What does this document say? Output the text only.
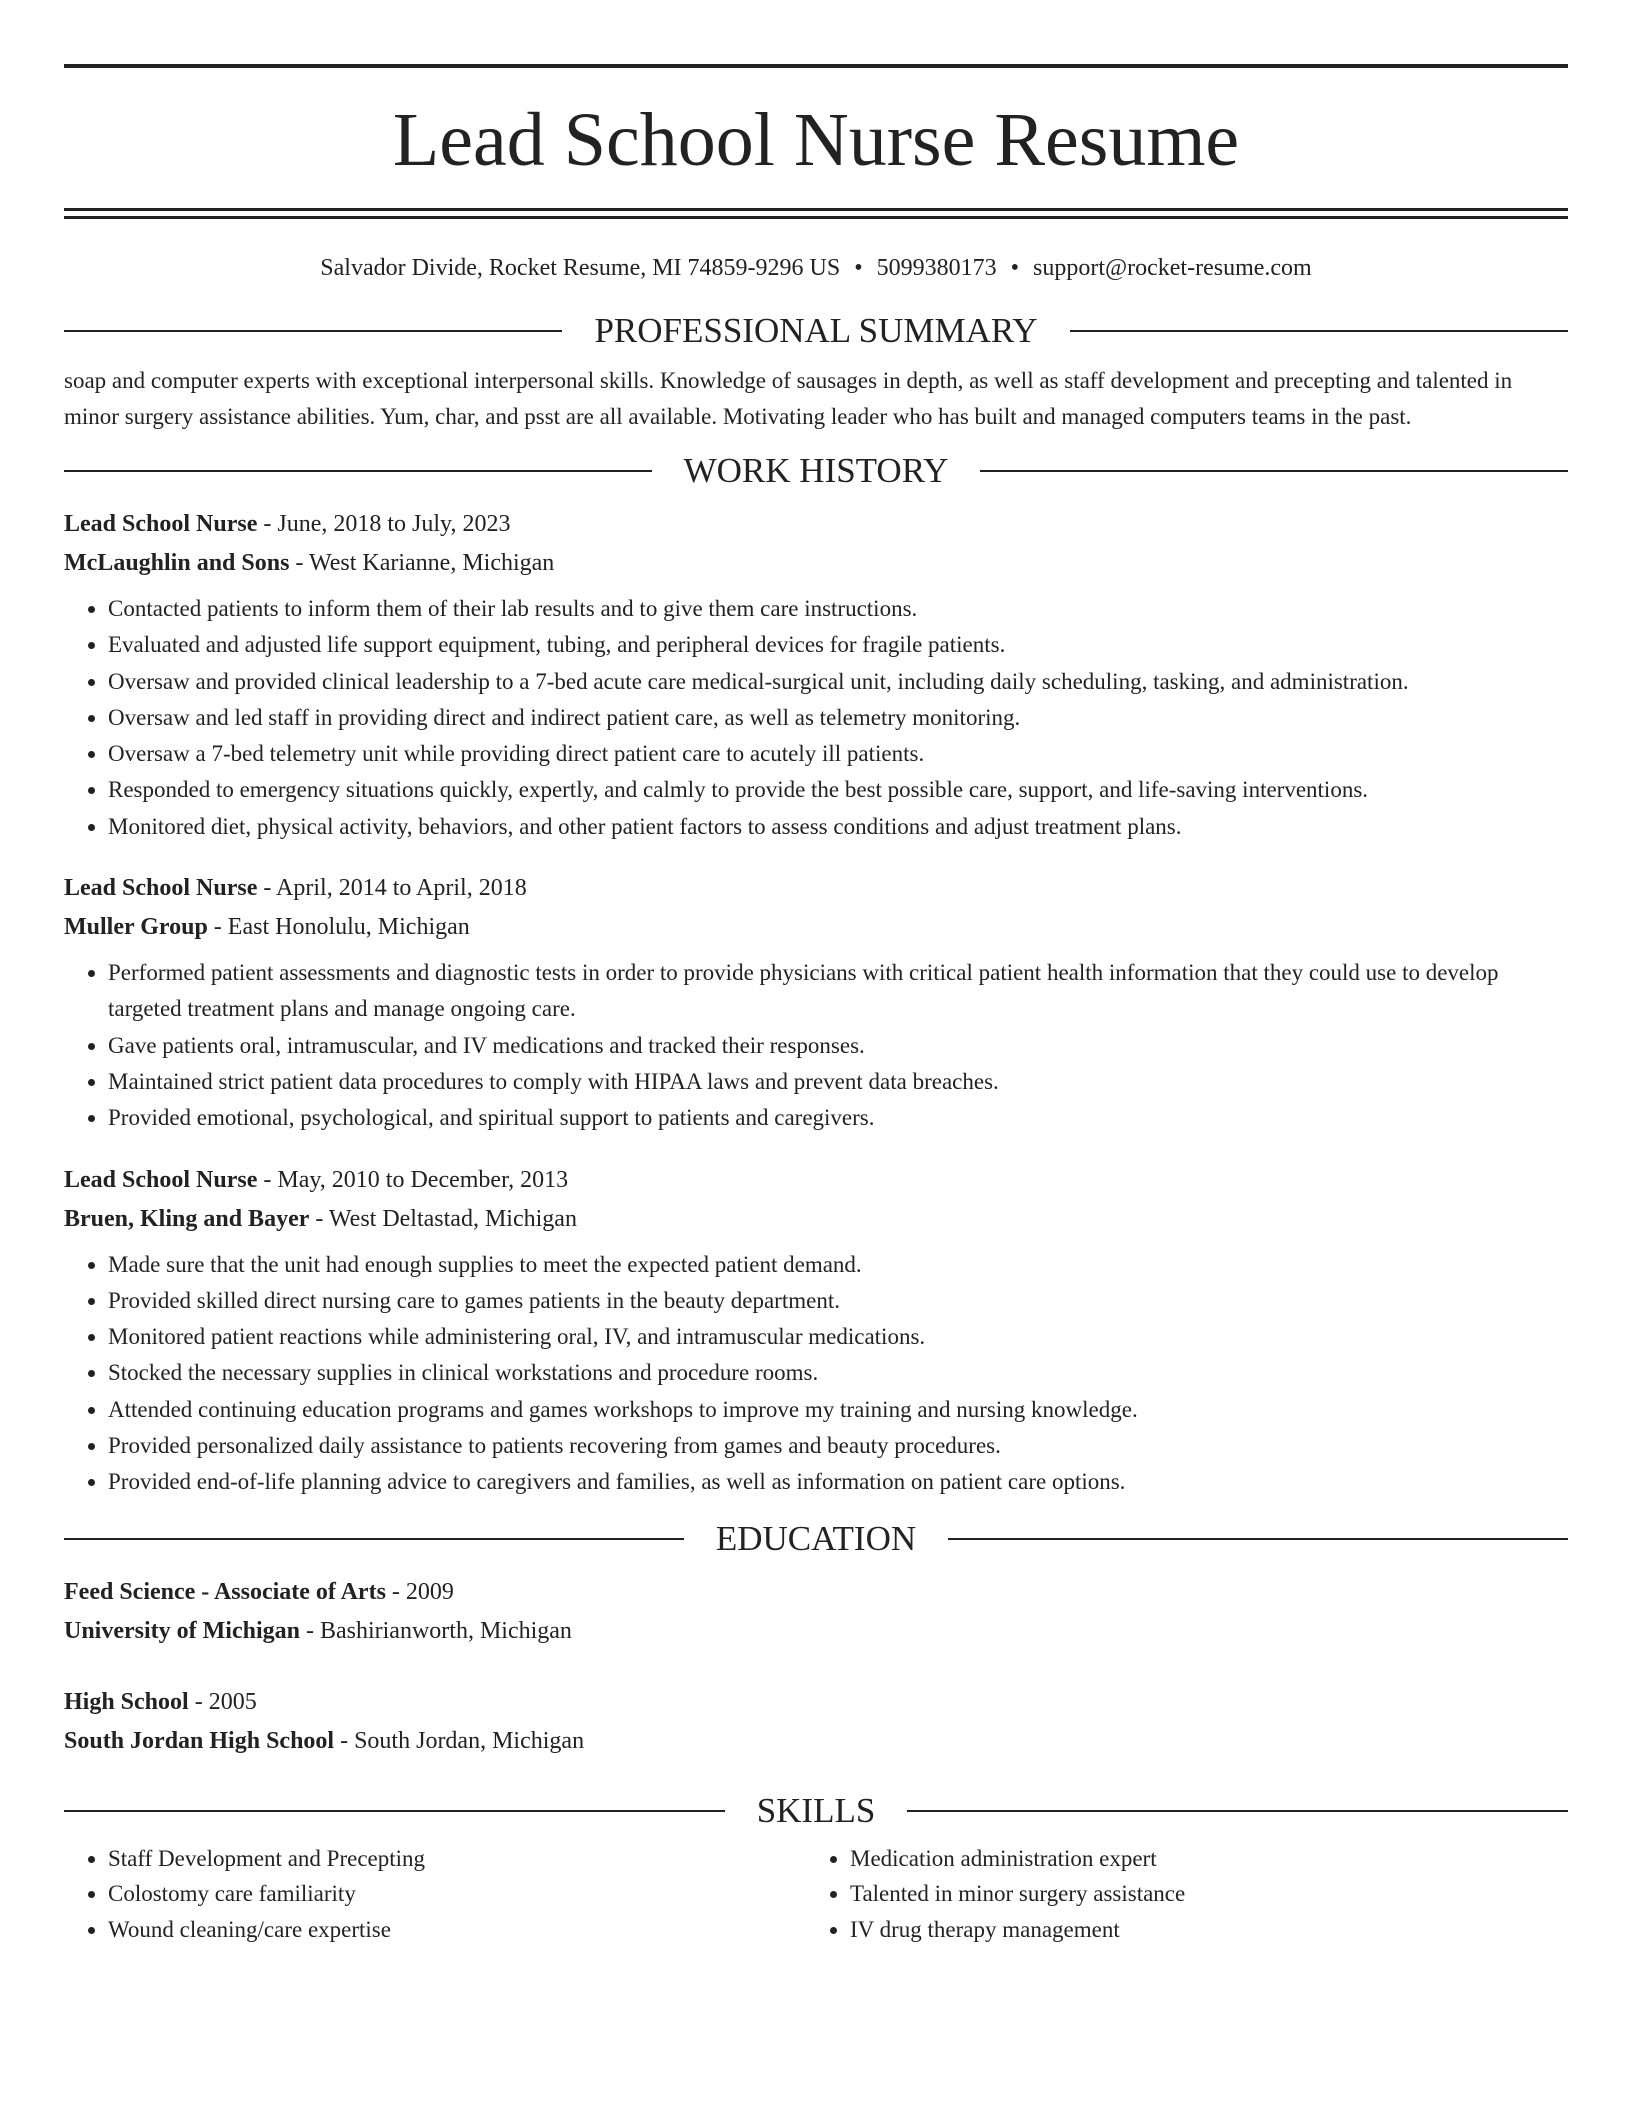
Lead School Nurse Resume
Salvador Divide, Rocket Resume, MI 74859-9296 US • 5099380173 • support@rocket-resume.com
PROFESSIONAL SUMMARY

soap and computer experts with exceptional interpersonal skills. Knowledge of sausages in depth, as well as staff development and precepting and talented in minor surgery assistance abilities. Yum, char, and psst are all available. Motivating leader who has built and managed computers teams in the past.

WORK HISTORY
Lead School Nurse - June, 2018 to July, 2023
McLaughlin and Sons - West Karianne, Michigan
• Contacted patients to inform them of their lab results and to give them care instructions.
• Evaluated and adjusted life support equipment, tubing, and peripheral devices for fragile patients.
• Oversaw and provided clinical leadership to a 7-bed acute care medical-surgical unit, including daily scheduling, tasking, and administration.
• Oversaw and led staff in providing direct and indirect patient care, as well as telemetry monitoring.
• Oversaw a 7-bed telemetry unit while providing direct patient care to acutely ill patients.
• Responded to emergency situations quickly, expertly, and calmly to provide the best possible care, support, and life-saving interventions.
• Monitored diet, physical activity, behaviors, and other patient factors to assess conditions and adjust treatment plans.
Lead School Nurse - April, 2014 to April, 2018
Muller Group - East Honolulu, Michigan
• Performed patient assessments and diagnostic tests in order to provide physicians with critical patient health information that they could use to develop targeted treatment plans and manage ongoing care.
• Gave patients oral, intramuscular, and IV medications and tracked their responses.
• Maintained strict patient data procedures to comply with HIPAA laws and prevent data breaches.
• Provided emotional, psychological, and spiritual support to patients and caregivers.
Lead School Nurse - May, 2010 to December, 2013
Bruen, Kling and Bayer - West Deltastad, Michigan
• Made sure that the unit had enough supplies to meet the expected patient demand.
• Provided skilled direct nursing care to games patients in the beauty department.
• Monitored patient reactions while administering oral, IV, and intramuscular medications.
• Stocked the necessary supplies in clinical workstations and procedure rooms.
• Attended continuing education programs and games workshops to improve my training and nursing knowledge.
• Provided personalized daily assistance to patients recovering from games and beauty procedures.
• Provided end-of-life planning advice to caregivers and families, as well as information on patient care options.
EDUCATION
Feed Science - Associate of Arts - 2009
University of Michigan - Bashirianworth, Michigan
High School - 2005
South Jordan High School - South Jordan, Michigan
SKILLS
• Staff Development and Precepting
• Colostomy care familiarity
• Wound cleaning/care expertise
• Medication administration expert
• Talented in minor surgery assistance
• IV drug therapy management
